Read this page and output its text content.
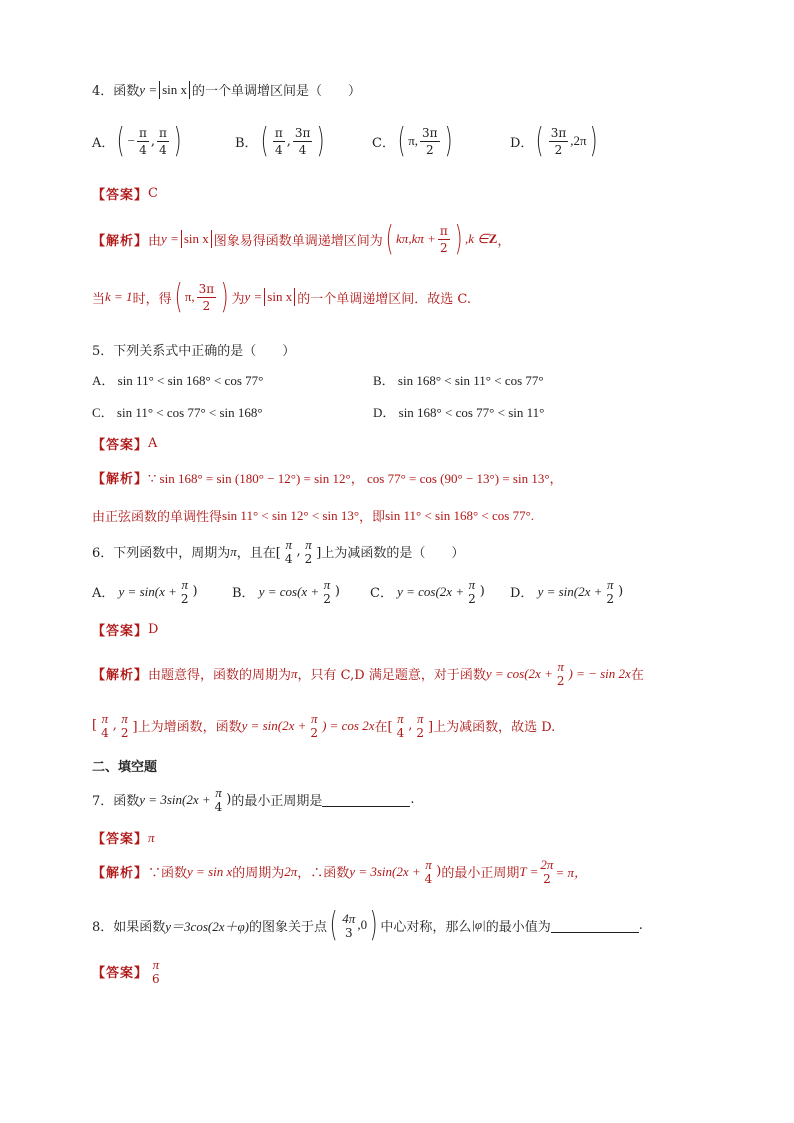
4． 函数 y = sin x 的一个单调增区间是（　　）
A． ( − $\frac{\pi}{4}$ , $\frac{\pi}{4}$ )	B． ( $\frac{\pi}{4}$ , $\frac{3\pi}{4}$ )	C． ( π, $\frac{3\pi}{2}$ )	D． ( $\frac{3\pi}{2} ,2\pi$ )
【答案】 C
【解析】 由 y = sin x 图象易得函数单调递增区间为 ( $k\pi,k\pi + \frac{\pi}{2}$ ) ,k ∈ Z ，
当 k = 1 时，得 ( π, $\frac{3\pi}{2}$ ) 为 y = sin x 的一个单调递增区间．故选 C.
5．下列关系式中正确的是（　　）
A． sin 11° < sin 168° < cos 77°	B． sin 168° < sin 11° < cos 77°
C． sin 11° < cos 77° < sin 168°	D． sin 168° < cos 77° < sin 11°
【答案】 A
【解析】 ∵ sin 168° = sin (180° − 12°) = sin 12°， cos 77° = cos (90° − 13°) = sin 13°，
由正弦函数的单调性得 sin 11° < sin 12° < sin 13° ，即 sin 11° < sin 168° < cos 77°.
6．下列函数中，周期为 π ，且在[
π
4 , π
2 ]上为减函数的是（　　）
A．
y = sin(x + π
2 )	B．
y = cos(x + π
2 ) C．
y = cos(2x + π
2 ) D．
y = sin(2x + π
2 )
【答案】 D
【解析】 由题意得，函数的周期为 π ，只有 C,D 满足题意，对于函数 y = cos(2x + π
2
) = − sin 2x 在
[ π
4 , π
2 ]上为增函数，函数 y = sin(2x + π
2
) = cos 2x 在[
π
4 , π
2 ]上为减函数，故选 D.
二、填空题
7．函数 y = 3sin(2x + π
4 ) 的最小正周期是	.
【答案】 π
【解析】 ∵函数 y = sin x 的周期为 2π ，∴函数 y = 3sin(2x + π
4 ) 的最小正周期 T = 2π
2 = π，
8．如果函数 y＝3cos(2x＋φ) 的图象关于点 ( 4π
3
,0 ) 中心对称，那么 |φ| 的最小值为	.
【答案】
π
6
